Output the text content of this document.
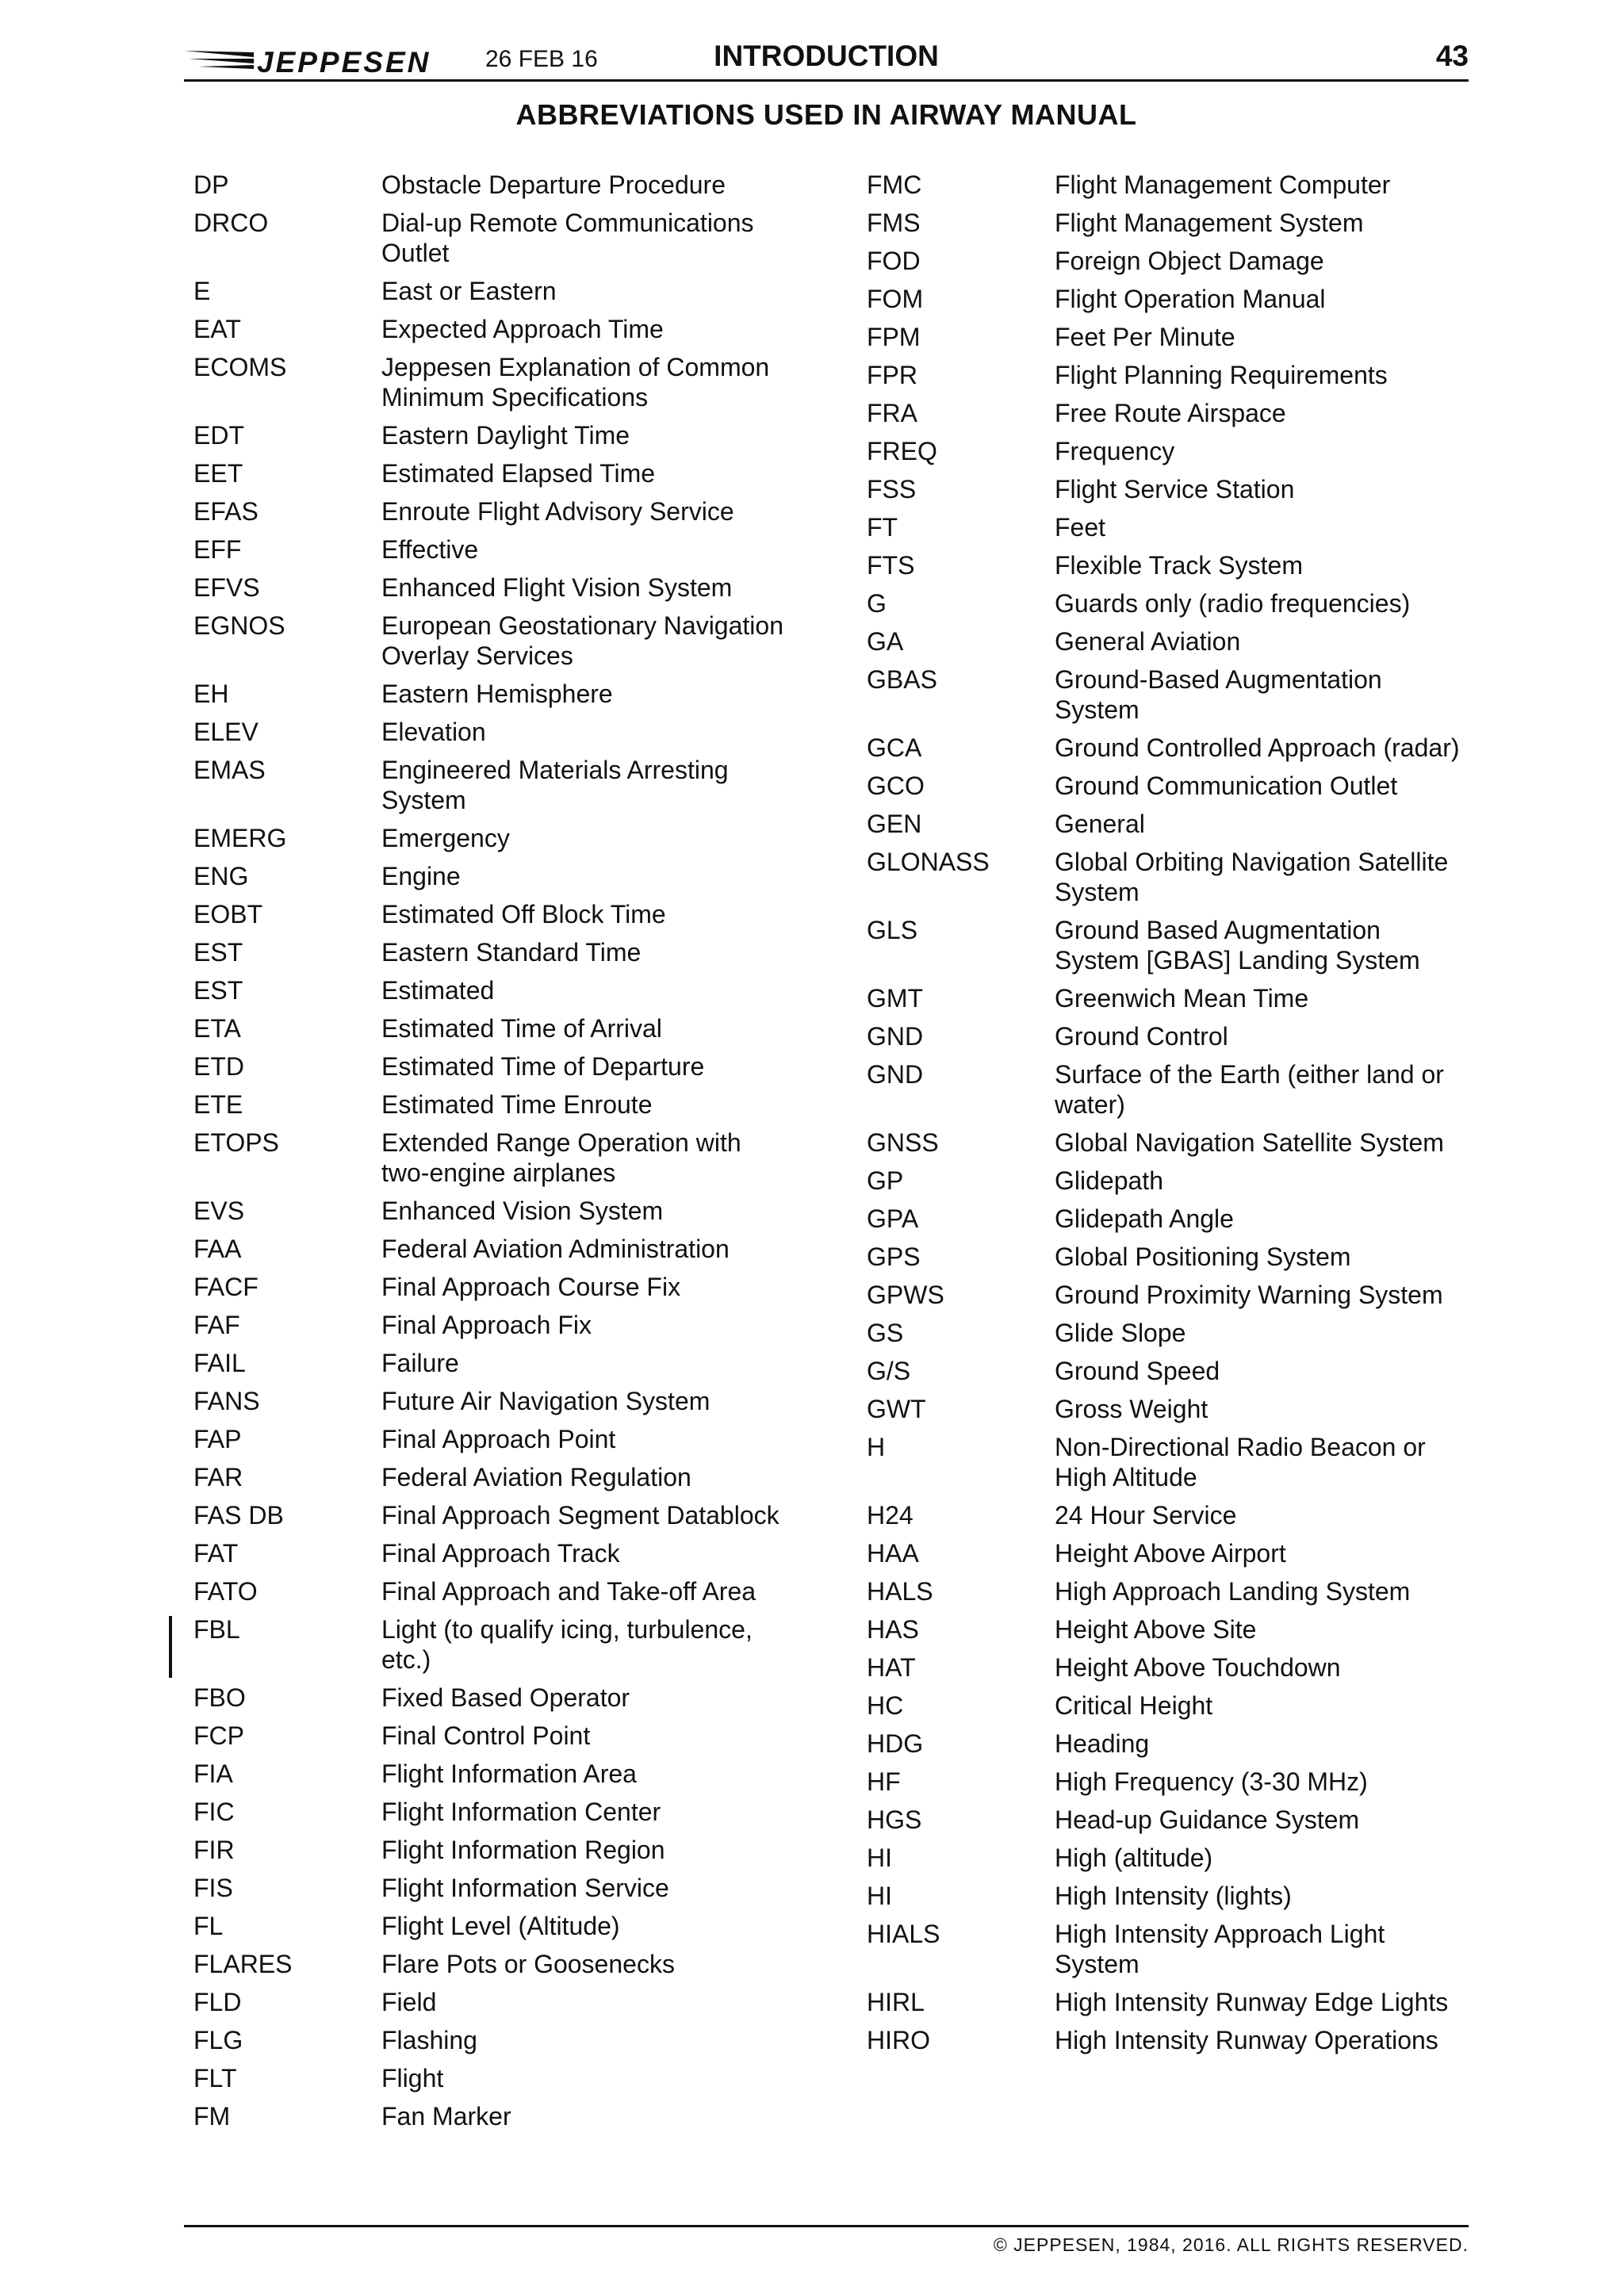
JEPPESEN 26 FEB 16	INTRODUCTION	43
ABBREVIATIONS USED IN AIRWAY MANUAL
DP	Obstacle Departure Procedure
DRCO	Dial-up Remote Communications Outlet
E	East or Eastern
EAT	Expected Approach Time
ECOMS	Jeppesen Explanation of Common Minimum Specifications
EDT	Eastern Daylight Time
EET	Estimated Elapsed Time
EFAS	Enroute Flight Advisory Service
EFF	Effective
EFVS	Enhanced Flight Vision System
EGNOS	European Geostationary Navigation Overlay Services
EH	Eastern Hemisphere
ELEV	Elevation
EMAS	Engineered Materials Arresting System
EMERG	Emergency
ENG	Engine
EOBT	Estimated Off Block Time
EST	Eastern Standard Time
EST	Estimated
ETA	Estimated Time of Arrival
ETD	Estimated Time of Departure
ETE	Estimated Time Enroute
ETOPS	Extended Range Operation with two-engine airplanes
EVS	Enhanced Vision System
FAA	Federal Aviation Administration
FACF	Final Approach Course Fix
FAF	Final Approach Fix
FAIL	Failure
FANS	Future Air Navigation System
FAP	Final Approach Point
FAR	Federal Aviation Regulation
FAS DB	Final Approach Segment Datablock
FAT	Final Approach Track
FATO	Final Approach and Take-off Area
FBL	Light (to qualify icing, turbulence, etc.)
FBO	Fixed Based Operator
FCP	Final Control Point
FIA	Flight Information Area
FIC	Flight Information Center
FIR	Flight Information Region
FIS	Flight Information Service
FL	Flight Level (Altitude)
FLARES	Flare Pots or Goosenecks
FLD	Field
FLG	Flashing
FLT	Flight
FM	Fan Marker
FMC	Flight Management Computer
FMS	Flight Management System
FOD	Foreign Object Damage
FOM	Flight Operation Manual
FPM	Feet Per Minute
FPR	Flight Planning Requirements
FRA	Free Route Airspace
FREQ	Frequency
FSS	Flight Service Station
FT	Feet
FTS	Flexible Track System
G	Guards only (radio frequencies)
GA	General Aviation
GBAS	Ground-Based Augmentation System
GCA	Ground Controlled Approach (radar)
GCO	Ground Communication Outlet
GEN	General
GLONASS	Global Orbiting Navigation Satellite System
GLS	Ground Based Augmentation System [GBAS] Landing System
GMT	Greenwich Mean Time
GND	Ground Control
GND	Surface of the Earth (either land or water)
GNSS	Global Navigation Satellite System
GP	Glidepath
GPA	Glidepath Angle
GPS	Global Positioning System
GPWS	Ground Proximity Warning System
GS	Glide Slope
G/S	Ground Speed
GWT	Gross Weight
H	Non-Directional Radio Beacon or High Altitude
H24	24 Hour Service
HAA	Height Above Airport
HALS	High Approach Landing System
HAS	Height Above Site
HAT	Height Above Touchdown
HC	Critical Height
HDG	Heading
HF	High Frequency (3-30 MHz)
HGS	Head-up Guidance System
HI	High (altitude)
HI	High Intensity (lights)
HIALS	High Intensity Approach Light System
HIRL	High Intensity Runway Edge Lights
HIRO	High Intensity Runway Operations
© JEPPESEN, 1984, 2016. ALL RIGHTS RESERVED.
